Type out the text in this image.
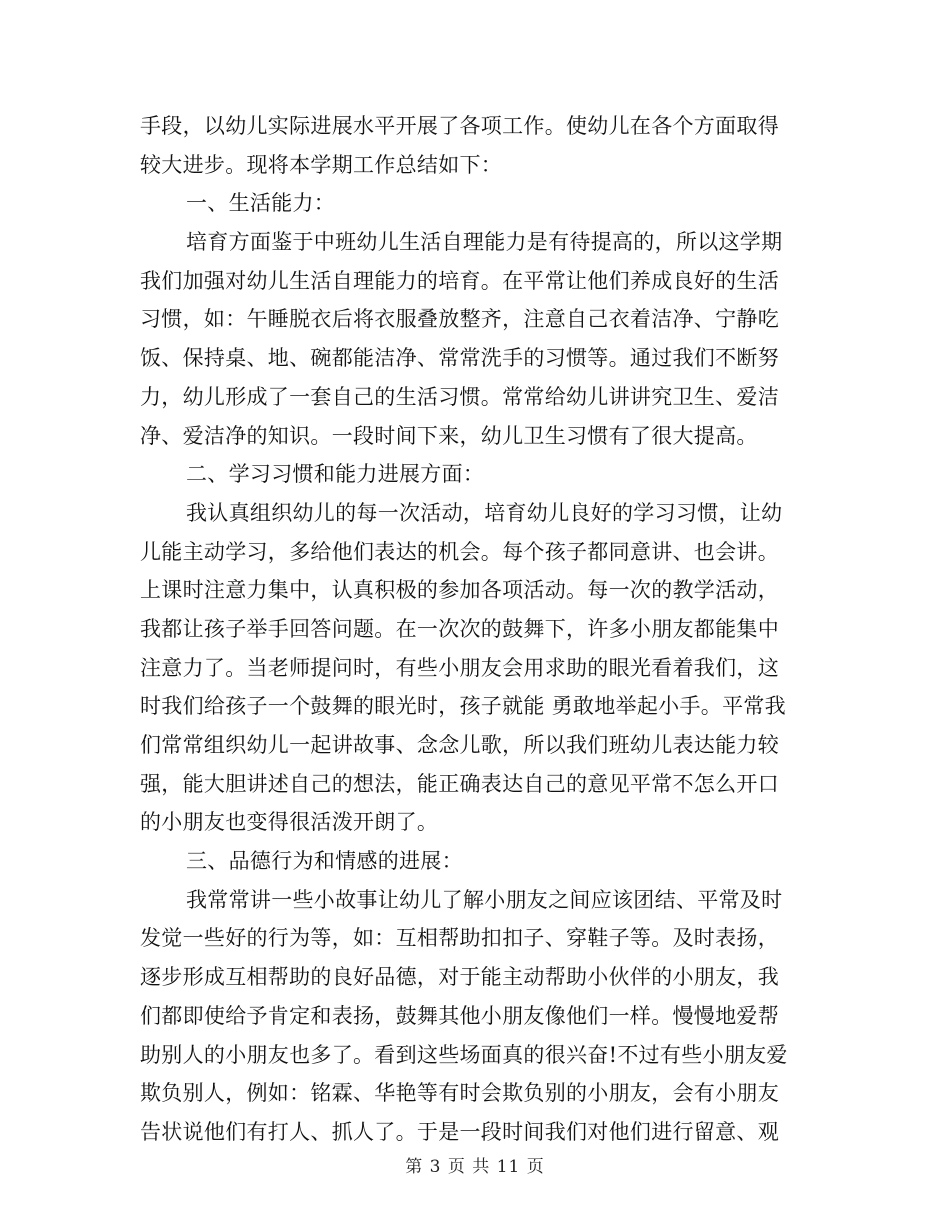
手段，以幼儿实际进展水平开展了各项工作。使幼儿在各个方面取得
较大进步。现将本学期工作总结如下：
一、生活能力：
培育方面鉴于中班幼儿生活自理能力是有待提高的，所以这学期
我们加强对幼儿生活自理能力的培育。在平常让他们养成良好的生活
习惯，如：午睡脱衣后将衣服叠放整齐，注意自己衣着洁净、宁静吃
饭、保持桌、地、碗都能洁净、常常洗手的习惯等。通过我们不断努
力，幼儿形成了一套自己的生活习惯。常常给幼儿讲讲究卫生、爱洁
净、爱洁净的知识。一段时间下来，幼儿卫生习惯有了很大提高。
二、学习习惯和能力进展方面：
我认真组织幼儿的每一次活动，培育幼儿良好的学习习惯，让幼
儿能主动学习，多给他们表达的机会。每个孩子都同意讲、也会讲。
上课时注意力集中，认真积极的参加各项活动。每一次的教学活动，
我都让孩子举手回答问题。在一次次的鼓舞下，许多小朋友都能集中
注意力了。当老师提问时，有些小朋友会用求助的眼光看着我们，这
时我们给孩子一个鼓舞的眼光时，孩子就能 勇敢地举起小手。平常我
们常常组织幼儿一起讲故事、念念儿歌，所以我们班幼儿表达能力较
强，能大胆讲述自己的想法，能正确表达自己的意见平常不怎么开口
的小朋友也变得很活泼开朗了。
三、品德行为和情感的进展：
我常常讲一些小故事让幼儿了解小朋友之间应该团结、平常及时
发觉一些好的行为等，如：互相帮助扣扣子、穿鞋子等。及时表扬，
逐步形成互相帮助的良好品德，对于能主动帮助小伙伴的小朋友，我
们都即使给予肯定和表扬，鼓舞其他小朋友像他们一样。慢慢地爱帮
助别人的小朋友也多了。看到这些场面真的很兴奋!不过有些小朋友爱
欺负别人，例如：铭霖、华艳等有时会欺负别的小朋友，会有小朋友
告状说他们有打人、抓人了。于是一段时间我们对他们进行留意、观
第 3 页 共 11 页
